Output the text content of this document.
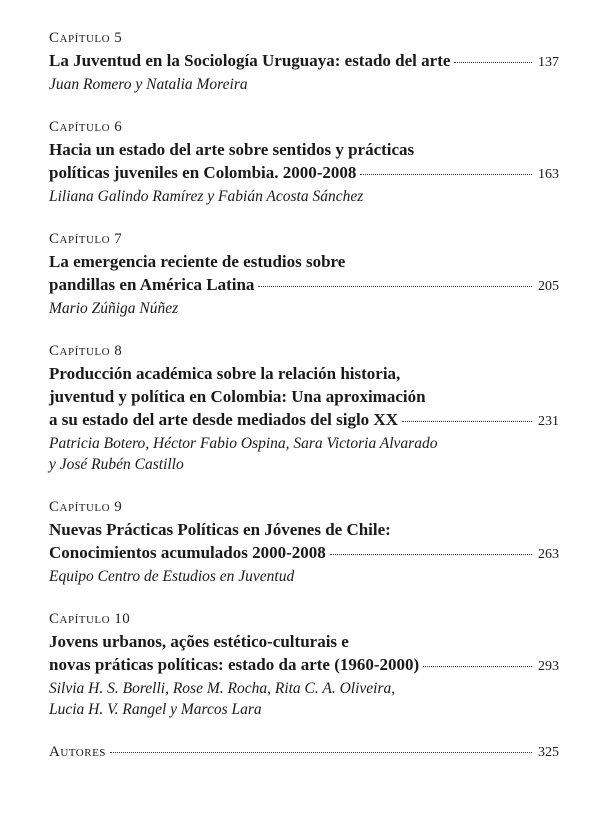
Capítulo 5
La Juventud en la Sociología Uruguaya: estado del arte	137
Juan Romero y Natalia Moreira
Capítulo 6
Hacia un estado del arte sobre sentidos y prácticas
políticas juveniles en Colombia. 2000-2008	163
Liliana Galindo Ramírez y Fabián Acosta Sánchez
Capítulo 7
La emergencia reciente de estudios sobre
pandillas en América Latina	205
Mario Zúñiga Núñez
Capítulo 8
Producción académica sobre la relación historia,
juventud y política en Colombia: Una aproximación
a su estado del arte desde mediados del siglo XX	231
Patricia Botero, Héctor Fabio Ospina, Sara Victoria Alvarado
y José Rubén Castillo
Capítulo 9
Nuevas Prácticas Políticas en Jóvenes de Chile:
Conocimientos acumulados 2000-2008	263
Equipo Centro de Estudios en Juventud
Capítulo 10
Jovens urbanos, ações estético-culturais e
novas práticas políticas: estado da arte (1960-2000)	293
Silvia H. S. Borelli, Rose M. Rocha, Rita C. A. Oliveira,
Lucia H. V. Rangel y Marcos Lara
Autores	325
